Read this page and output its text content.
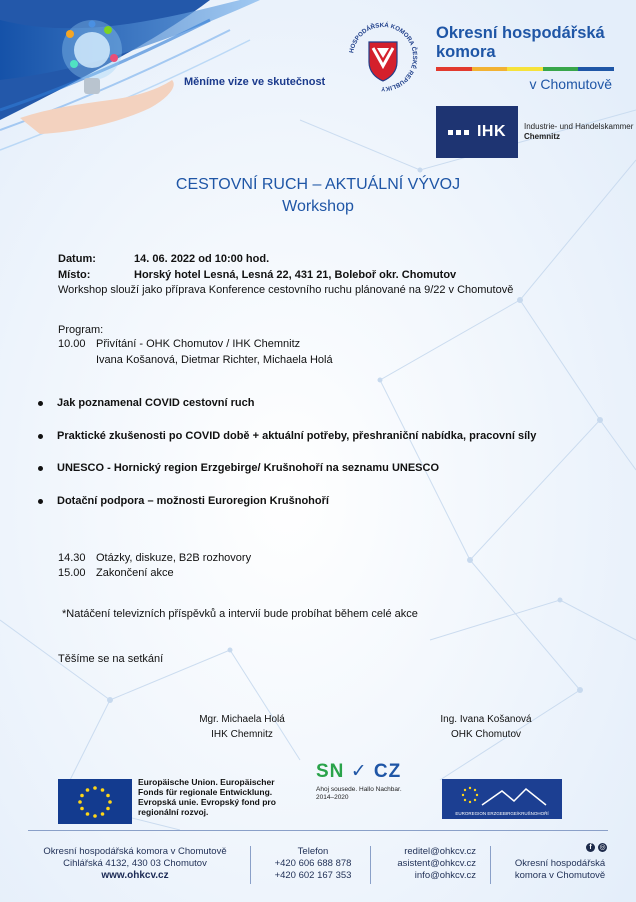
Měníme vize ve skutečnost
HOSPODÁŘSKÁ KOMORA ČESKÉ REPUBLIKY
Okresní hospodářská
komora
v Chomutově
IHK Industrie- und Handelskammer
Chemnitz
CESTOVNÍ RUCH – AKTUÁLNÍ VÝVOJ
Workshop
Datum:	14. 06. 2022 od 10:00 hod.
Místo:	Horský hotel Lesná, Lesná 22, 431 21, Boleboř okr. Chomutov
Workshop slouží jako příprava Konference cestovního ruchu plánované na 9/22 v Chomutově
Program:
10.00 Přivítání - OHK Chomutov / IHK Chemnitz
Ivana Košanová, Dietmar Richter, Michaela Holá
Jak poznamenal COVID cestovní ruch
Praktické zkušenosti po COVID době + aktuální potřeby, přeshraniční nabídka, pracovní síly
UNESCO - Hornický region Erzgebirge/ Krušnohoří na seznamu UNESCO
Dotační podpora – možnosti Euroregion Krušnohoří
14.30 Otázky, diskuze, B2B rozhovory
15.00 Zakončení akce
*Natáčení televizních příspěvků a intervií bude probíhat během celé akce
Těšíme se na setkání
Mgr. Michaela Holá
IHK Chemnitz
Ing. Ivana Košanová
OHK Chomutov
Europäische Union. Europäischer
Fonds für regionale Entwicklung.
Evropská unie. Evropský fond pro
regionální rozvoj.
SN ✓ CZ
Ahoj sousede. Hallo Nachbar.
2014–2020
EUROREGION ERZGEBIRGE/KRUŠNOHOŘÍ
Okresní hospodářská komora v Chomutově
Cihlářská 4132, 430 03 Chomutov
www.ohkcv.cz
Telefon
+420 606 688 878
+420 602 167 353
reditel@ohkcv.cz
asistent@ohkcv.cz
info@ohkcv.cz
f	◎
Okresní hospodářská
komora v Chomutově
